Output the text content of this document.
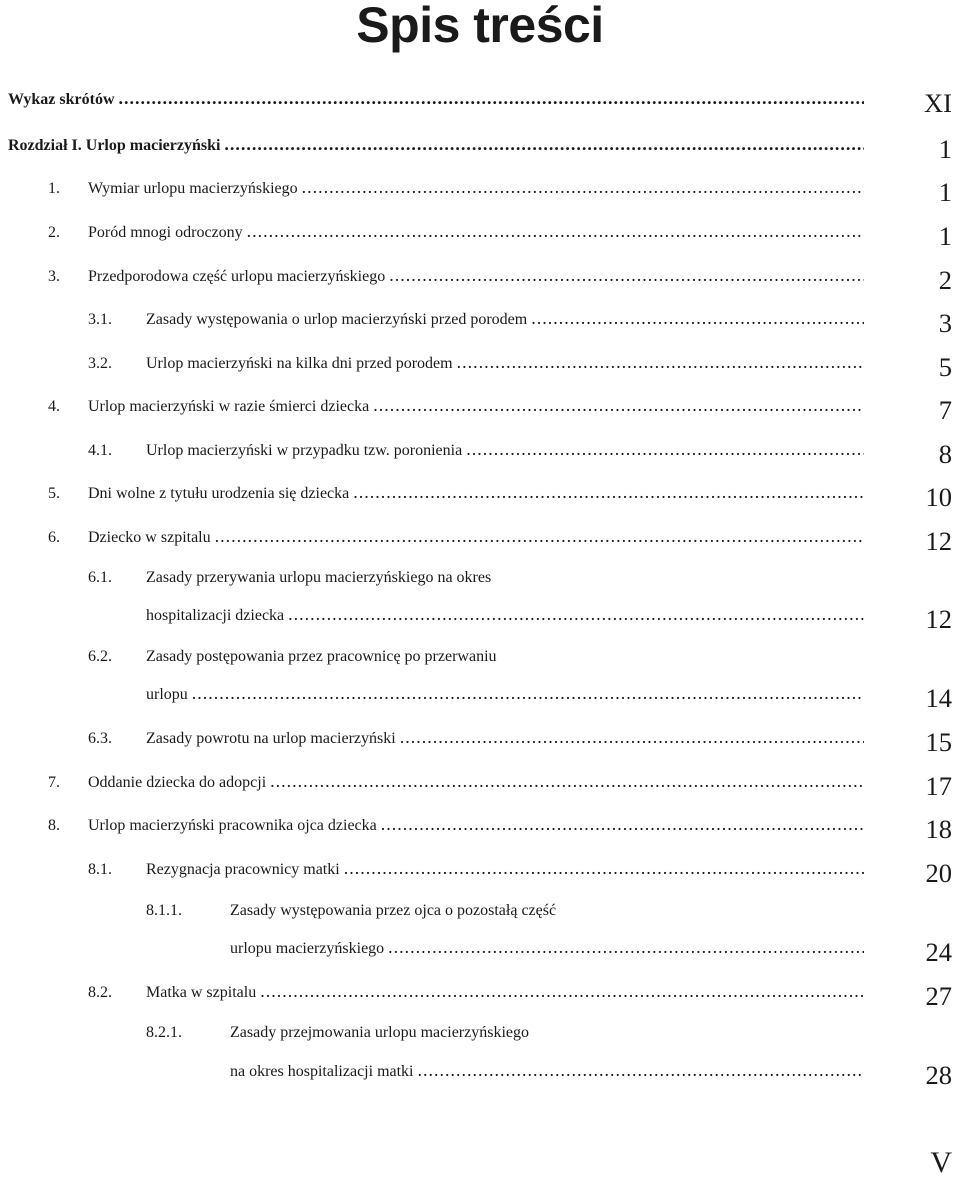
Spis treści
Wykaz skrótów .....	XI
Rozdział I. Urlop macierzyński .....	1
1.	Wymiar urlopu macierzyńskiego .....	1
2.	Poród mnogi odroczony .....	1
3.	Przedporodowa część urlopu macierzyńskiego .....	2
3.1.	Zasady występowania o urlop macierzyński przed porodem .....	3
3.2.	Urlop macierzyński na kilka dni przed porodem .....	5
4.	Urlop macierzyński w razie śmierci dziecka .....	7
4.1.	Urlop macierzyński w przypadku tzw. poronienia .....	8
5.	Dni wolne z tytułu urodzenia się dziecka .....	10
6.	Dziecko w szpitalu .....	12
6.1.	Zasady przerywania urlopu macierzyńskiego na okres
hospitalizacji dziecka .....	12
6.2.	Zasady postępowania przez pracownicę po przerwaniu
urlopu .....	14
6.3.	Zasady powrotu na urlop macierzyński .....	15
7.	Oddanie dziecka do adopcji .....	17
8.	Urlop macierzyński pracownika ojca dziecka .....	18
8.1.	Rezygnacja pracownicy matki .....	20
8.1.1.	Zasady występowania przez ojca o pozostałą część
urlopu macierzyńskiego .....	24
8.2.	Matka w szpitalu .....	27
8.2.1.	Zasady przejmowania urlopu macierzyńskiego
na okres hospitalizacji matki .....	28
V
